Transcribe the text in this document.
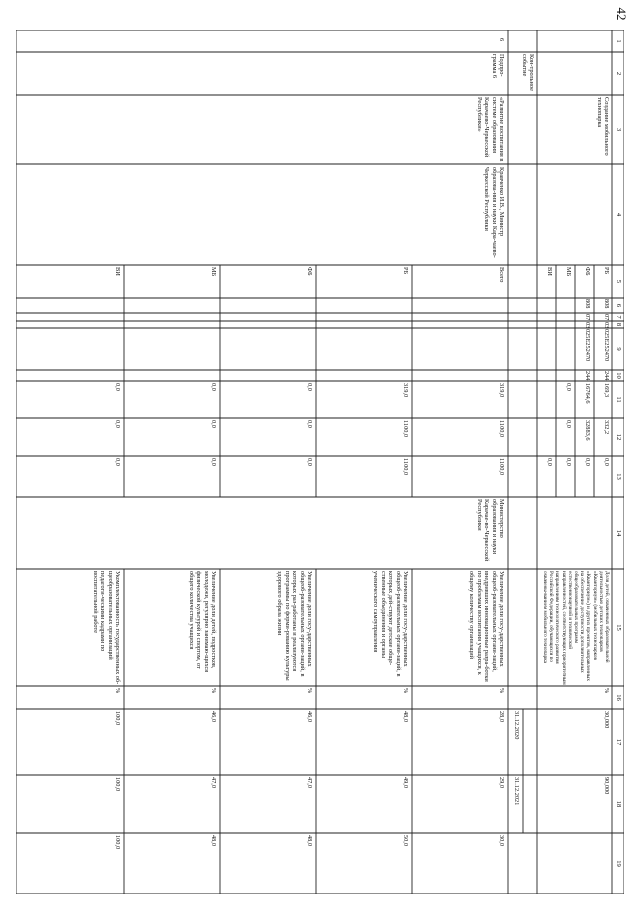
42
1
2
3
4
5
6
7
8
9
10
11
12
13
14
15
16
17
18
19
Создание мобильного технопарка
Доля детей, охваченных образовательной деятельностью детских технопарков «Кванториум» (мобильных технопарков «Кванториум») и других проектов, направленных на обеспечение доступности дополнительных общеобразовательных программ естественнонаучной и технической направленностей, соответствующих приоритетным направлениям технологического развития Российской Федерации, обучающихся по охвачены-ванием мобильного технопарка
%
30,000
90,000
РБ
808
07
03
025Е252470
244
169,3
332,2
0,0
ФБ
808
07
03
025Е252470
244
16764,6
32883,6
0,0
МБ
0,0
0,0
0,0
ВИ
0,0
Кон-трольное событие
31.12.2020
31.12.2021
6
Подпро-грамма 6
«Развитие воспитания в системе образования Карачаево-Черкесской Республики»
Кравченко И.В., Министр образова-ния и науки Кара-чаево-Черкесской Республики
Министерство образования и науки Карачае-во-Черкесской Республики
Всего
319,0
1100,0
1100,0
РБ
319,0
1100,0
1100,0
ФБ
0,0
0,0
0,0
МБ
0,0
0,0
0,0
ВИ
0,0
0,0
0,0
Увеличение доли госу-дарственных общеоб-разовательных органи-заций, внедривших инновационные разра-ботки по проблемам воспитания учащихся, к общему количеству организаций
%
28,0
29,0
30,0
Увеличение доли госу-дарственных общеоб-разовательных органи-заций, в которых дей-ствуют детские обще-ственные объединения и органы ученического самоуправления
%
48,0
49,0
50,0
Увеличение доли госу-дарственных общеоб-разовательных органи-заций, в которых раз-работаны и реализуются программы по форми-рованию культуры здорового образа жизни
%
46,0
47,0
48,0
Увеличение доли детей, подростков, молодежи, регулярно занимаю-щихся физической культурой и спортом, от общего количества учащихся
%
46,0
47,0
48,0
Укомплектованность государственных об-щеобразовательных организаций педагоги-ческими кадрами по воспитательной работе
%
100,0
100,0
100,0
